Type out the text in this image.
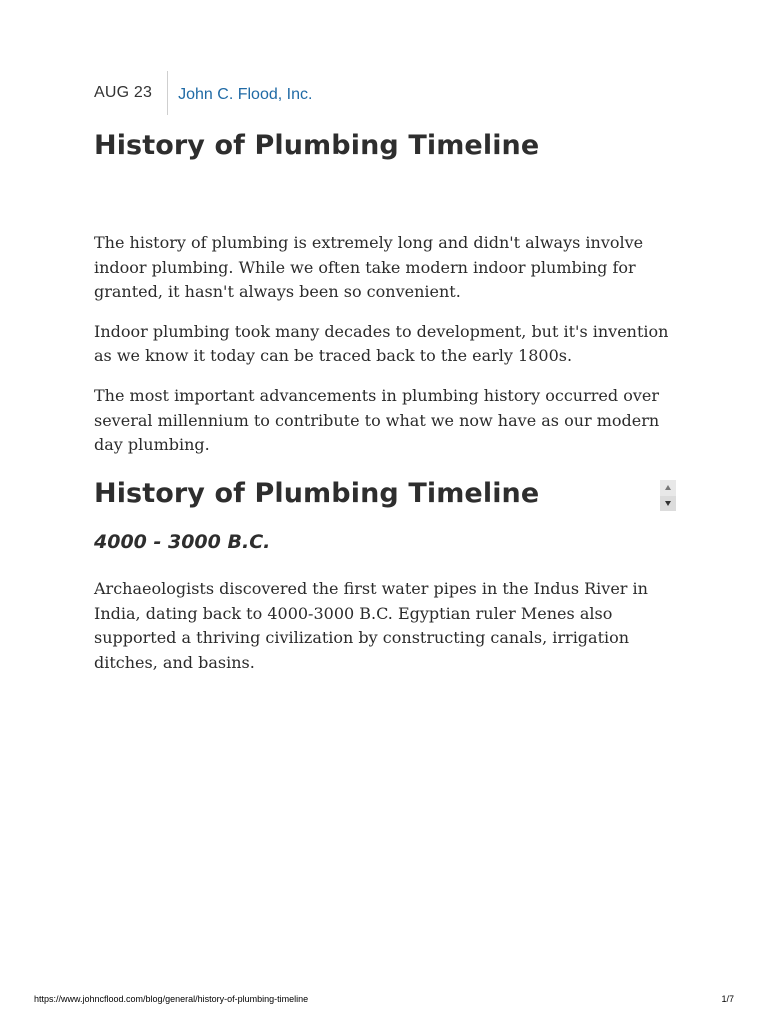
AUG 23	John C. Flood, Inc.
History of Plumbing Timeline

The history of plumbing is extremely long and didn't always involve indoor plumbing. While we often take modern indoor plumbing for granted, it hasn't always been so convenient.

Indoor plumbing took many decades to development, but it's invention as we know it today can be traced back to the early 1800s.

The most important advancements in plumbing history occurred over several millennium to contribute to what we now have as our modern day plumbing.

History of Plumbing Timeline
4000 - 3000 B.C.

Archaeologists discovered the first water pipes in the Indus River in India, dating back to 4000-3000 B.C. Egyptian ruler Menes also supported a thriving civilization by constructing canals, irrigation ditches, and basins.

https://www.johncflood.com/blog/general/history-of-plumbing-timeline	1/7
